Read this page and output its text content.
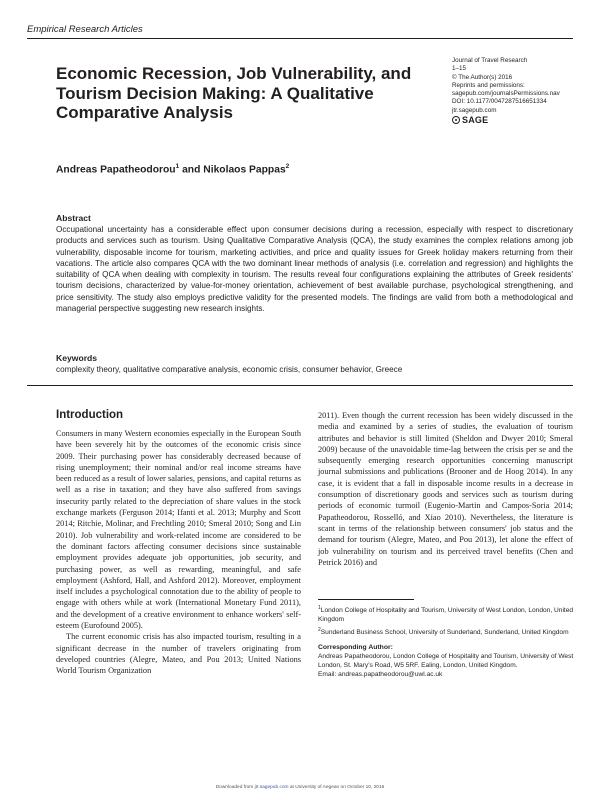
Empirical Research Articles
Economic Recession, Job Vulnerability, and Tourism Decision Making: A Qualitative Comparative Analysis
Journal of Travel Research
1–15
© The Author(s) 2016
Reprints and permissions:
sagepub.com/journalsPermissions.nav
DOI: 10.1177/0047287516651334
jtr.sagepub.com
SAGE
Andreas Papatheodorou$^1$ and Nikolaos Pappas$^2$
Abstract
Occupational uncertainty has a considerable effect upon consumer decisions during a recession, especially with respect to discretionary products and services such as tourism. Using Qualitative Comparative Analysis (QCA), the study examines the complex relations among job vulnerability, disposable income for tourism, marketing activities, and price and quality issues for Greek holiday makers returning from their vacations. The article also compares QCA with the two dominant linear methods of analysis (i.e. correlation and regression) and highlights the suitability of QCA when dealing with complexity in tourism. The results reveal four configurations explaining the attributes of Greek residents' tourism decisions, characterized by value-for-money orientation, achievement of best available purchase, psychological strengthening, and price sensitivity. The study also employs predictive validity for the presented models. The findings are valid from both a methodological and managerial perspective suggesting new research insights.
Keywords
complexity theory, qualitative comparative analysis, economic crisis, consumer behavior, Greece
Introduction

Consumers in many Western economies especially in the European South have been severely hit by the outcomes of the economic crisis since 2009. Their purchasing power has considerably decreased because of rising unemployment; their nominal and/or real income streams have been reduced as a result of lower salaries, pensions, and capital returns as well as a rise in taxation; and they have also suffered from savings insecurity partly related to the depreciation of share values in the stock exchange markets (Ferguson 2014; Ifanti et al. 2013; Murphy and Scott 2014; Ritchie, Molinar, and Frechtling 2010; Smeral 2010; Song and Lin 2010). Job vulnerability and work-related income are considered to be the dominant factors affecting consumer decisions since sustainable employment provides adequate job opportunities, job security, and purchasing power, as well as rewarding, meaningful, and safe employment (Ashford, Hall, and Ashford 2012). Moreover, employment itself includes a psychological connotation due to the ability of people to engage with others while at work (International Monetary Fund 2011), and the development of a creative environment to enhance workers' self-esteem (Eurofound 2005).

The current economic crisis has also impacted tourism, resulting in a significant decrease in the number of travelers originating from developed countries (Alegre, Mateo, and Pou 2013; United Nations World Tourism Organization

2011). Even though the current recession has been widely discussed in the media and examined by a series of studies, the evaluation of tourism attributes and behavior is still limited (Sheldon and Dwyer 2010; Smeral 2009) because of the unavoidable time-lag between the crisis per se and the subsequently emerging research opportunities concerning manuscript journal submissions and publications (Brooner and de Hoog 2014). In any case, it is evident that a fall in disposable income results in a decrease in consumption of discretionary goods and services such as tourism during periods of economic turmoil (Eugenio-Martin and Campos-Soria 2014; Papatheodorou, Rosselló, and Xiao 2010). Nevertheless, the literature is scant in terms of the relationship between consumers' job status and the demand for tourism (Alegre, Mateo, and Pou 2013), let alone the effect of job vulnerability on tourism and its perceived travel benefits (Chen and Petrick 2016) and

$^1$London College of Hospitality and Tourism, University of West London, London, United Kingdom
$^2$Sunderland Business School, University of Sunderland, Sunderland, United Kingdom
Corresponding Author:
Andreas Papatheodorou, London College of Hospitality and Tourism, University of West London, St. Mary's Road, W5 5RF. Ealing, London, United Kingdom.
Email: andreas.papatheodorou@uwl.ac.uk
Downloaded from jtr.sagepub.com at University of Aegean on October 10, 2016
